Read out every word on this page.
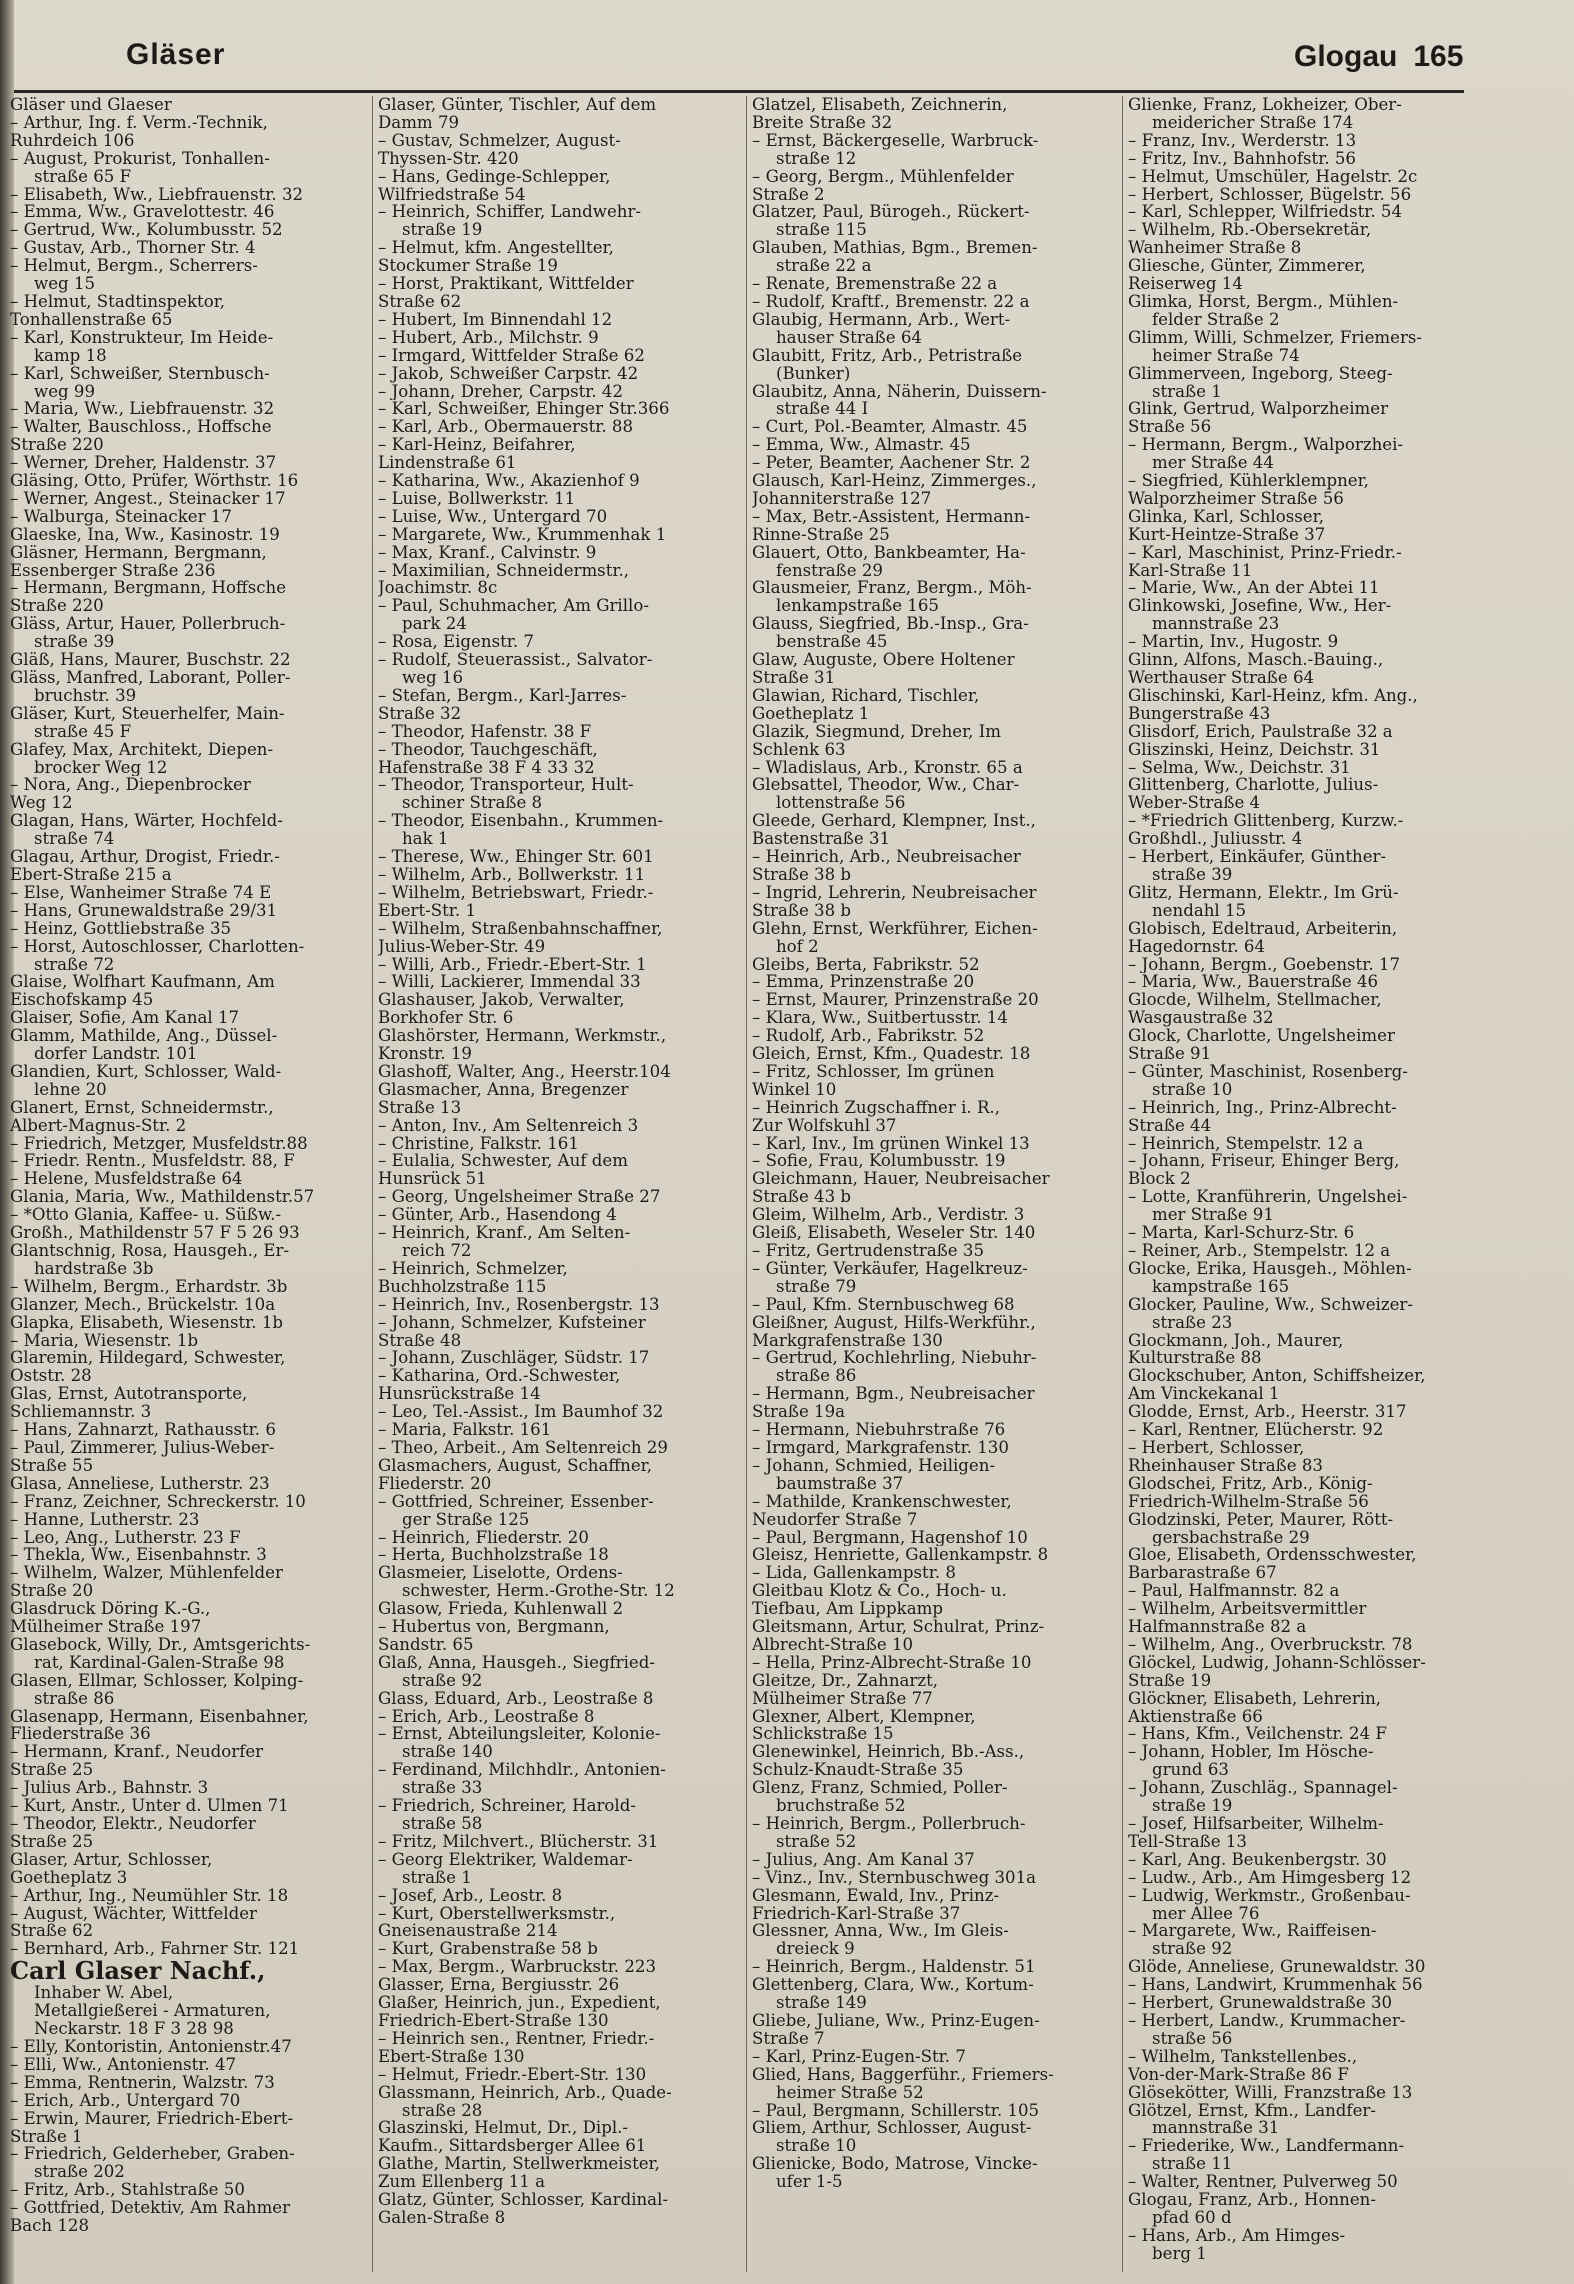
Gläser	Glogau 165
Gläser und Glaeser
– Arthur, Ing. f. Verm.-Technik,
Ruhrdeich 106
– August, Prokurist, Tonhallen-
straße 65 F
– Elisabeth, Ww., Liebfrauenstr. 32
– Emma, Ww., Gravelottestr. 46
– Gertrud, Ww., Kolumbusstr. 52
– Gustav, Arb., Thorner Str. 4
– Helmut, Bergm., Scherrers-
weg 15
– Helmut, Stadtinspektor,
Tonhallenstraße 65
– Karl, Konstrukteur, Im Heide-
kamp 18
– Karl, Schweißer, Sternbusch-
weg 99
– Maria, Ww., Liebfrauenstr. 32
– Walter, Bauschloss., Hoffsche
Straße 220
– Werner, Dreher, Haldenstr. 37
Gläsing, Otto, Prüfer, Wörthstr. 16
– Werner, Angest., Steinacker 17
– Walburga, Steinacker 17
Glaeske, Ina, Ww., Kasinostr. 19
Gläsner, Hermann, Bergmann,
Essenberger Straße 236
– Hermann, Bergmann, Hoffsche
Straße 220
Gläss, Artur, Hauer, Pollerbruch-
straße 39
Gläß, Hans, Maurer, Buschstr. 22
Gläss, Manfred, Laborant, Poller-
bruchstr. 39
Gläser, Kurt, Steuerhelfer, Main-
straße 45 F
Glafey, Max, Architekt, Diepen-
brocker Weg 12
– Nora, Ang., Diepenbrocker
Weg 12
Glagan, Hans, Wärter, Hochfeld-
straße 74
Glagau, Arthur, Drogist, Friedr.-
Ebert-Straße 215 a
– Else, Wanheimer Straße 74 E
– Hans, Grunewaldstraße 29/31
– Heinz, Gottliebstraße 35
– Horst, Autoschlosser, Charlotten-
straße 72
Glaise, Wolfhart Kaufmann, Am
Eischofskamp 45
Glaiser, Sofie, Am Kanal 17
Glamm, Mathilde, Ang., Düssel-
dorfer Landstr. 101
Glandien, Kurt, Schlosser, Wald-
lehne 20
Glanert, Ernst, Schneidermstr.,
Albert-Magnus-Str. 2
– Friedrich, Metzger, Musfeldstr.88
– Friedr. Rentn., Musfeldstr. 88, F
– Helene, Musfeldstraße 64
Glania, Maria, Ww., Mathildenstr.57
– *Otto Glania, Kaffee- u. Süßw.-
Großh., Mathildenstr 57 F 5 26 93
Glantschnig, Rosa, Hausgeh., Er-
hardstraße 3b
– Wilhelm, Bergm., Erhardstr. 3b
Glanzer, Mech., Brückelstr. 10a
Glapka, Elisabeth, Wiesenstr. 1b
– Maria, Wiesenstr. 1b
Glaremin, Hildegard, Schwester,
Oststr. 28
Glas, Ernst, Autotransporte,
Schliemannstr. 3
– Hans, Zahnarzt, Rathausstr. 6
– Paul, Zimmerer, Julius-Weber-
Straße 55
Glasa, Anneliese, Lutherstr. 23
– Franz, Zeichner, Schreckerstr. 10
– Hanne, Lutherstr. 23
– Leo, Ang., Lutherstr. 23 F
– Thekla, Ww., Eisenbahnstr. 3
– Wilhelm, Walzer, Mühlenfelder
Straße 20
Glasdruck Döring K.-G.,
Mülheimer Straße 197
Glasebock, Willy, Dr., Amtsgerichts-
rat, Kardinal-Galen-Straße 98
Glasen, Ellmar, Schlosser, Kolping-
straße 86
Glasenapp, Hermann, Eisenbahner,
Fliederstraße 36
– Hermann, Kranf., Neudorfer
Straße 25
– Julius Arb., Bahnstr. 3
– Kurt, Anstr., Unter d. Ulmen 71
– Theodor, Elektr., Neudorfer
Straße 25
Glaser, Artur, Schlosser,
Goetheplatz 3
– Arthur, Ing., Neumühler Str. 18
– August, Wächter, Wittfelder
Straße 62
– Bernhard, Arb., Fahrner Str. 121
Carl Glaser Nachf.,
Inhaber W. Abel,
Metallgießerei - Armaturen,
Neckarstr. 18 F 3 28 98
– Elly, Kontoristin, Antonienstr.47
– Elli, Ww., Antonienstr. 47
– Emma, Rentnerin, Walzstr. 73
– Erich, Arb., Untergard 70
– Erwin, Maurer, Friedrich-Ebert-
Straße 1
– Friedrich, Gelderheber, Graben-
straße 202
– Fritz, Arb., Stahlstraße 50
– Gottfried, Detektiv, Am Rahmer
Bach 128
Glaser, Günter, Tischler, Auf dem
Damm 79
– Gustav, Schmelzer, August-
Thyssen-Str. 420
– Hans, Gedinge-Schlepper,
Wilfriedstraße 54
– Heinrich, Schiffer, Landwehr-
straße 19
– Helmut, kfm. Angestellter,
Stockumer Straße 19
– Horst, Praktikant, Wittfelder
Straße 62
– Hubert, Im Binnendahl 12
– Hubert, Arb., Milchstr. 9
– Irmgard, Wittfelder Straße 62
– Jakob, Schweißer Carpstr. 42
– Johann, Dreher, Carpstr. 42
– Karl, Schweißer, Ehinger Str.366
– Karl, Arb., Obermauerstr. 88
– Karl-Heinz, Beifahrer,
Lindenstraße 61
– Katharina, Ww., Akazienhof 9
– Luise, Bollwerkstr. 11
– Luise, Ww., Untergard 70
– Margarete, Ww., Krummenhak 1
– Max, Kranf., Calvinstr. 9
– Maximilian, Schneidermstr.,
Joachimstr. 8c
– Paul, Schuhmacher, Am Grillo-
park 24
– Rosa, Eigenstr. 7
– Rudolf, Steuerassist., Salvator-
weg 16
– Stefan, Bergm., Karl-Jarres-
Straße 32
– Theodor, Hafenstr. 38 F
– Theodor, Tauchgeschäft,
Hafenstraße 38 F 4 33 32
– Theodor, Transporteur, Hult-
schiner Straße 8
– Theodor, Eisenbahn., Krummen-
hak 1
– Therese, Ww., Ehinger Str. 601
– Wilhelm, Arb., Bollwerkstr. 11
– Wilhelm, Betriebswart, Friedr.-
Ebert-Str. 1
– Wilhelm, Straßenbahnschaffner,
Julius-Weber-Str. 49
– Willi, Arb., Friedr.-Ebert-Str. 1
– Willi, Lackierer, Immendal 33
Glashauser, Jakob, Verwalter,
Borkhofer Str. 6
Glashörster, Hermann, Werkmstr.,
Kronstr. 19
Glashoff, Walter, Ang., Heerstr.104
Glasmacher, Anna, Bregenzer
Straße 13
– Anton, Inv., Am Seltenreich 3
– Christine, Falkstr. 161
– Eulalia, Schwester, Auf dem
Hunsrück 51
– Georg, Ungelsheimer Straße 27
– Günter, Arb., Hasendong 4
– Heinrich, Kranf., Am Selten-
reich 72
– Heinrich, Schmelzer,
Buchholzstraße 115
– Heinrich, Inv., Rosenbergstr. 13
– Johann, Schmelzer, Kufsteiner
Straße 48
– Johann, Zuschläger, Südstr. 17
– Katharina, Ord.-Schwester,
Hunsrückstraße 14
– Leo, Tel.-Assist., Im Baumhof 32
– Maria, Falkstr. 161
– Theo, Arbeit., Am Seltenreich 29
Glasmachers, August, Schaffner,
Fliederstr. 20
– Gottfried, Schreiner, Essenber-
ger Straße 125
– Heinrich, Fliederstr. 20
– Herta, Buchholzstraße 18
Glasmeier, Liselotte, Ordens-
schwester, Herm.-Grothe-Str. 12
Glasow, Frieda, Kuhlenwall 2
– Hubertus von, Bergmann,
Sandstr. 65
Glaß, Anna, Hausgeh., Siegfried-
straße 92
Glass, Eduard, Arb., Leostraße 8
– Erich, Arb., Leostraße 8
– Ernst, Abteilungsleiter, Kolonie-
straße 140
– Ferdinand, Milchhdlr., Antonien-
straße 33
– Friedrich, Schreiner, Harold-
straße 58
– Fritz, Milchvert., Blücherstr. 31
– Georg Elektriker, Waldemar-
straße 1
– Josef, Arb., Leostr. 8
– Kurt, Oberstellwerksmstr.,
Gneisenaustraße 214
– Kurt, Grabenstraße 58 b
– Max, Bergm., Warbruckstr. 223
Glasser, Erna, Bergiusstr. 26
Glaßer, Heinrich, jun., Expedient,
Friedrich-Ebert-Straße 130
– Heinrich sen., Rentner, Friedr.-
Ebert-Straße 130
– Helmut, Friedr.-Ebert-Str. 130
Glassmann, Heinrich, Arb., Quade-
straße 28
Glaszinski, Helmut, Dr., Dipl.-
Kaufm., Sittardsberger Allee 61
Glathe, Martin, Stellwerkmeister,
Zum Ellenberg 11 a
Glatz, Günter, Schlosser, Kardinal-
Galen-Straße 8
Glatzel, Elisabeth, Zeichnerin,
Breite Straße 32
– Ernst, Bäckergeselle, Warbruck-
straße 12
– Georg, Bergm., Mühlenfelder
Straße 2
Glatzer, Paul, Bürogeh., Rückert-
straße 115
Glauben, Mathias, Bgm., Bremen-
straße 22 a
– Renate, Bremenstraße 22 a
– Rudolf, Kraftf., Bremenstr. 22 a
Glaubig, Hermann, Arb., Wert-
hauser Straße 64
Glaubitt, Fritz, Arb., Petristraße
(Bunker)
Glaubitz, Anna, Näherin, Duissern-
straße 44 I
– Curt, Pol.-Beamter, Almastr. 45
– Emma, Ww., Almastr. 45
– Peter, Beamter, Aachener Str. 2
Glausch, Karl-Heinz, Zimmerges.,
Johanniterstraße 127
– Max, Betr.-Assistent, Hermann-
Rinne-Straße 25
Glauert, Otto, Bankbeamter, Ha-
fenstraße 29
Glausmeier, Franz, Bergm., Möh-
lenkampstraße 165
Glauss, Siegfried, Bb.-Insp., Gra-
benstraße 45
Glaw, Auguste, Obere Holtener
Straße 31
Glawian, Richard, Tischler,
Goetheplatz 1
Glazik, Siegmund, Dreher, Im
Schlenk 63
– Wladislaus, Arb., Kronstr. 65 a
Glebsattel, Theodor, Ww., Char-
lottenstraße 56
Gleede, Gerhard, Klempner, Inst.,
Bastenstraße 31
– Heinrich, Arb., Neubreisacher
Straße 38 b
– Ingrid, Lehrerin, Neubreisacher
Straße 38 b
Glehn, Ernst, Werkführer, Eichen-
hof 2
Gleibs, Berta, Fabrikstr. 52
– Emma, Prinzenstraße 20
– Ernst, Maurer, Prinzenstraße 20
– Klara, Ww., Suitbertusstr. 14
– Rudolf, Arb., Fabrikstr. 52
Gleich, Ernst, Kfm., Quadestr. 18
– Fritz, Schlosser, Im grünen
Winkel 10
– Heinrich Zugschaffner i. R.,
Zur Wolfskuhl 37
– Karl, Inv., Im grünen Winkel 13
– Sofie, Frau, Kolumbusstr. 19
Gleichmann, Hauer, Neubreisacher
Straße 43 b
Gleim, Wilhelm, Arb., Verdistr. 3
Gleiß, Elisabeth, Weseler Str. 140
– Fritz, Gertrudenstraße 35
– Günter, Verkäufer, Hagelkreuz-
straße 79
– Paul, Kfm. Sternbuschweg 68
Gleißner, August, Hilfs-Werkführ.,
Markgrafenstraße 130
– Gertrud, Kochlehrling, Niebuhr-
straße 86
– Hermann, Bgm., Neubreisacher
Straße 19a
– Hermann, Niebuhrstraße 76
– Irmgard, Markgrafenstr. 130
– Johann, Schmied, Heiligen-
baumstraße 37
– Mathilde, Krankenschwester,
Neudorfer Straße 7
– Paul, Bergmann, Hagenshof 10
Gleisz, Henriette, Gallenkampstr. 8
– Lida, Gallenkampstr. 8
Gleitbau Klotz & Co., Hoch- u.
Tiefbau, Am Lippkamp
Gleitsmann, Artur, Schulrat, Prinz-
Albrecht-Straße 10
– Hella, Prinz-Albrecht-Straße 10
Gleitze, Dr., Zahnarzt,
Mülheimer Straße 77
Glexner, Albert, Klempner,
Schlickstraße 15
Glenewinkel, Heinrich, Bb.-Ass.,
Schulz-Knaudt-Straße 35
Glenz, Franz, Schmied, Poller-
bruchstraße 52
– Heinrich, Bergm., Pollerbruch-
straße 52
– Julius, Ang. Am Kanal 37
– Vinz., Inv., Sternbuschweg 301a
Glesmann, Ewald, Inv., Prinz-
Friedrich-Karl-Straße 37
Glessner, Anna, Ww., Im Gleis-
dreieck 9
– Heinrich, Bergm., Haldenstr. 51
Glettenberg, Clara, Ww., Kortum-
straße 149
Gliebe, Juliane, Ww., Prinz-Eugen-
Straße 7
– Karl, Prinz-Eugen-Str. 7
Glied, Hans, Baggerführ., Friemers-
heimer Straße 52
– Paul, Bergmann, Schillerstr. 105
Gliem, Arthur, Schlosser, August-
straße 10
Glienicke, Bodo, Matrose, Vincke-
ufer 1-5
Glienke, Franz, Lokheizer, Ober-
meidericher Straße 174
– Franz, Inv., Werderstr. 13
– Fritz, Inv., Bahnhofstr. 56
– Helmut, Umschüler, Hagelstr. 2c
– Herbert, Schlosser, Bügelstr. 56
– Karl, Schlepper, Wilfriedstr. 54
– Wilhelm, Rb.-Obersekretär,
Wanheimer Straße 8
Gliesche, Günter, Zimmerer,
Reiserweg 14
Glimka, Horst, Bergm., Mühlen-
felder Straße 2
Glimm, Willi, Schmelzer, Friemers-
heimer Straße 74
Glimmerveen, Ingeborg, Steeg-
straße 1
Glink, Gertrud, Walporzheimer
Straße 56
– Hermann, Bergm., Walporzhei-
mer Straße 44
– Siegfried, Kühlerklempner,
Walporzheimer Straße 56
Glinka, Karl, Schlosser,
Kurt-Heintze-Straße 37
– Karl, Maschinist, Prinz-Friedr.-
Karl-Straße 11
– Marie, Ww., An der Abtei 11
Glinkowski, Josefine, Ww., Her-
mannstraße 23
– Martin, Inv., Hugostr. 9
Glinn, Alfons, Masch.-Bauing.,
Werthauser Straße 64
Glischinski, Karl-Heinz, kfm. Ang.,
Bungerstraße 43
Glisdorf, Erich, Paulstraße 32 a
Gliszinski, Heinz, Deichstr. 31
– Selma, Ww., Deichstr. 31
Glittenberg, Charlotte, Julius-
Weber-Straße 4
– *Friedrich Glittenberg, Kurzw.-
Großhdl., Juliusstr. 4
– Herbert, Einkäufer, Günther-
straße 39
Glitz, Hermann, Elektr., Im Grü-
nendahl 15
Globisch, Edeltraud, Arbeiterin,
Hagedornstr. 64
– Johann, Bergm., Goebenstr. 17
– Maria, Ww., Bauerstraße 46
Glocde, Wilhelm, Stellmacher,
Wasgaustraße 32
Glock, Charlotte, Ungelsheimer
Straße 91
– Günter, Maschinist, Rosenberg-
straße 10
– Heinrich, Ing., Prinz-Albrecht-
Straße 44
– Heinrich, Stempelstr. 12 a
– Johann, Friseur, Ehinger Berg,
Block 2
– Lotte, Kranführerin, Ungelshei-
mer Straße 91
– Marta, Karl-Schurz-Str. 6
– Reiner, Arb., Stempelstr. 12 a
Glocke, Erika, Hausgeh., Möhlen-
kampstraße 165
Glocker, Pauline, Ww., Schweizer-
straße 23
Glockmann, Joh., Maurer,
Kulturstraße 88
Glockschuber, Anton, Schiffsheizer,
Am Vinckekanal 1
Glodde, Ernst, Arb., Heerstr. 317
– Karl, Rentner, Elücherstr. 92
– Herbert, Schlosser,
Rheinhauser Straße 83
Glodschei, Fritz, Arb., König-
Friedrich-Wilhelm-Straße 56
Glodzinski, Peter, Maurer, Rött-
gersbachstraße 29
Gloe, Elisabeth, Ordensschwester,
Barbarastraße 67
– Paul, Halfmannstr. 82 a
– Wilhelm, Arbeitsvermittler
Halfmannstraße 82 a
– Wilhelm, Ang., Overbruckstr. 78
Glöckel, Ludwig, Johann-Schlösser-
Straße 19
Glöckner, Elisabeth, Lehrerin,
Aktienstraße 66
– Hans, Kfm., Veilchenstr. 24 F
– Johann, Hobler, Im Hösche-
grund 63
– Johann, Zuschläg., Spannagel-
straße 19
– Josef, Hilfsarbeiter, Wilhelm-
Tell-Straße 13
– Karl, Ang. Beukenbergstr. 30
– Ludw., Arb., Am Himgesberg 12
– Ludwig, Werkmstr., Großenbau-
mer Allee 76
– Margarete, Ww., Raiffeisen-
straße 92
Glöde, Anneliese, Grunewaldstr. 30
– Hans, Landwirt, Krummenhak 56
– Herbert, Grunewaldstraße 30
– Herbert, Landw., Krummacher-
straße 56
– Wilhelm, Tankstellenbes.,
Von-der-Mark-Straße 86 F
Glösekötter, Willi, Franzstraße 13
Glötzel, Ernst, Kfm., Landfer-
mannstraße 31
– Friederike, Ww., Landfermann-
straße 11
– Walter, Rentner, Pulverweg 50
Glogau, Franz, Arb., Honnen-
pfad 60 d
– Hans, Arb., Am Himges-
berg 1
